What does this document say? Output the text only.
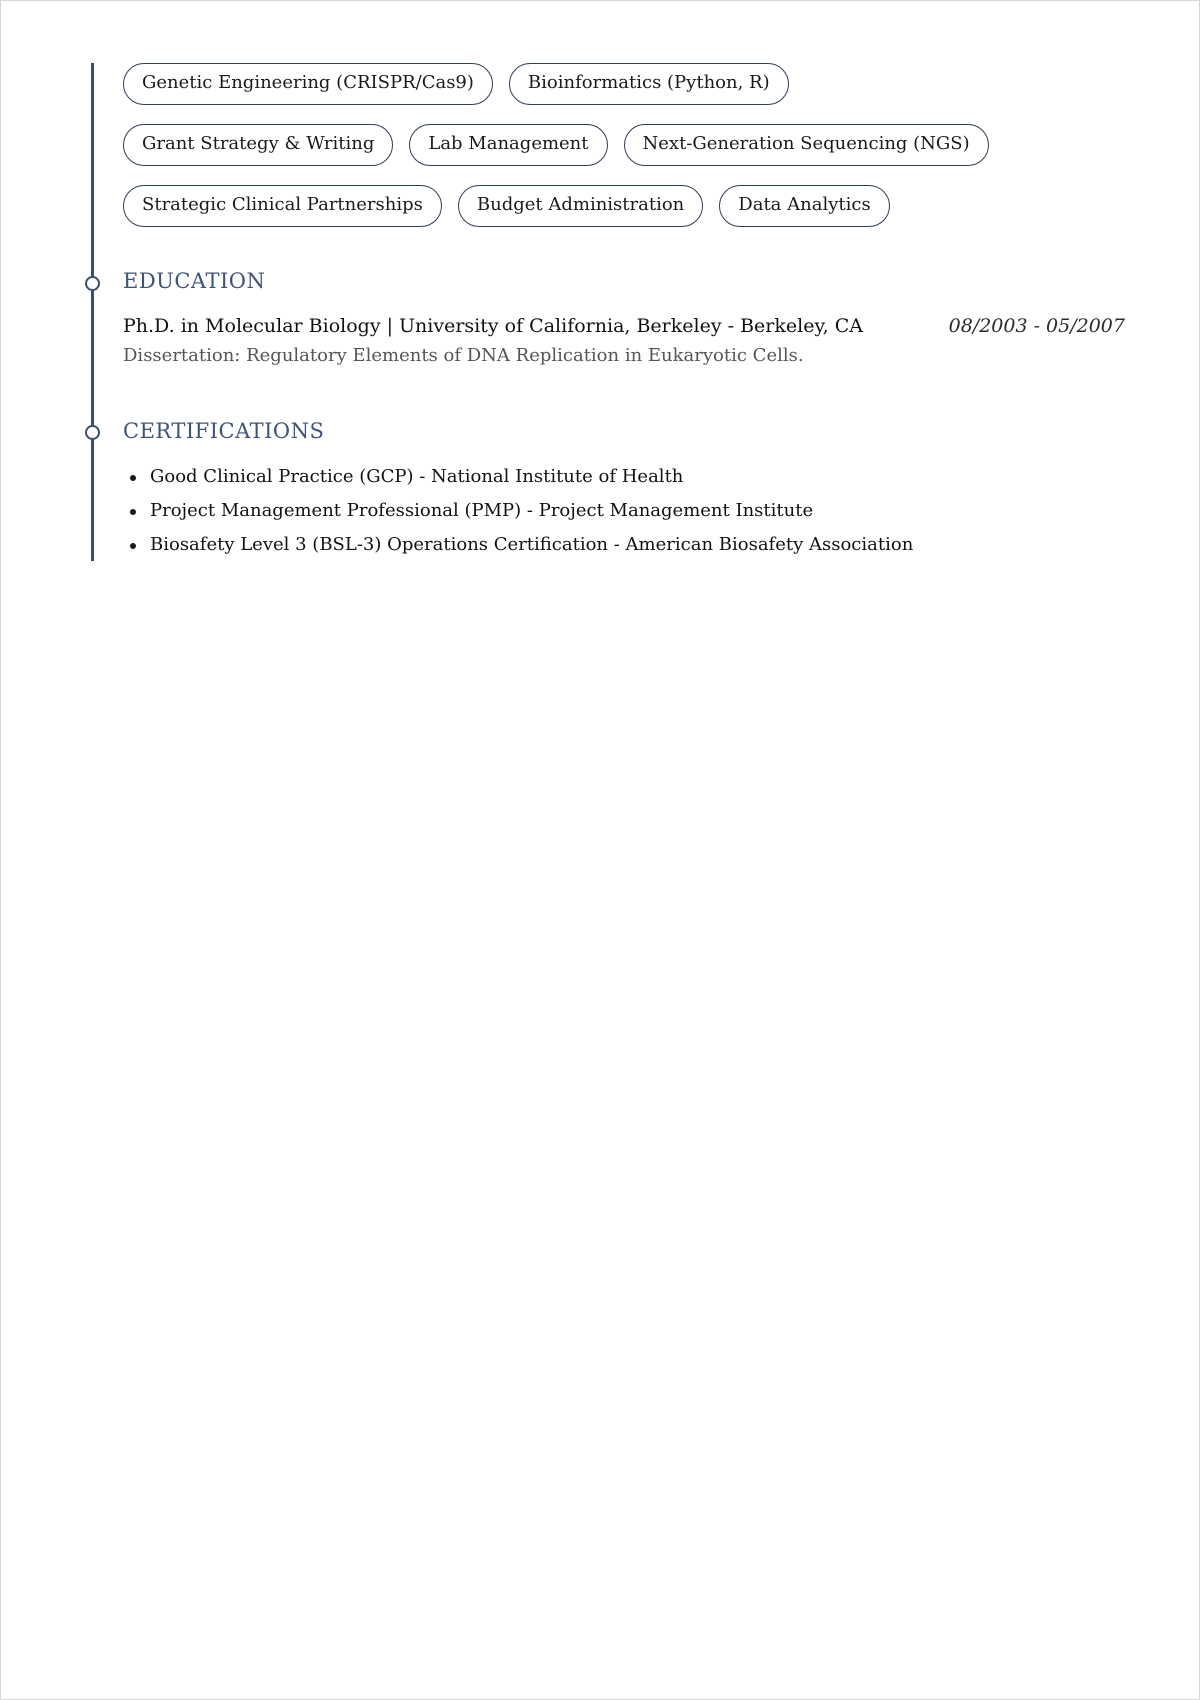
Genetic Engineering (CRISPR/Cas9)	Bioinformatics (Python, R)
Grant Strategy & Writing	Lab Management	Next-Generation Sequencing (NGS)
Strategic Clinical Partnerships	Budget Administration	Data Analytics
EDUCATION
Ph.D. in Molecular Biology | University of California, Berkeley - Berkeley, CA	08/2003 - 05/2007
Dissertation: Regulatory Elements of DNA Replication in Eukaryotic Cells.
CERTIFICATIONS
Good Clinical Practice (GCP) - National Institute of Health
Project Management Professional (PMP) - Project Management Institute
Biosafety Level 3 (BSL-3) Operations Certification - American Biosafety Association
